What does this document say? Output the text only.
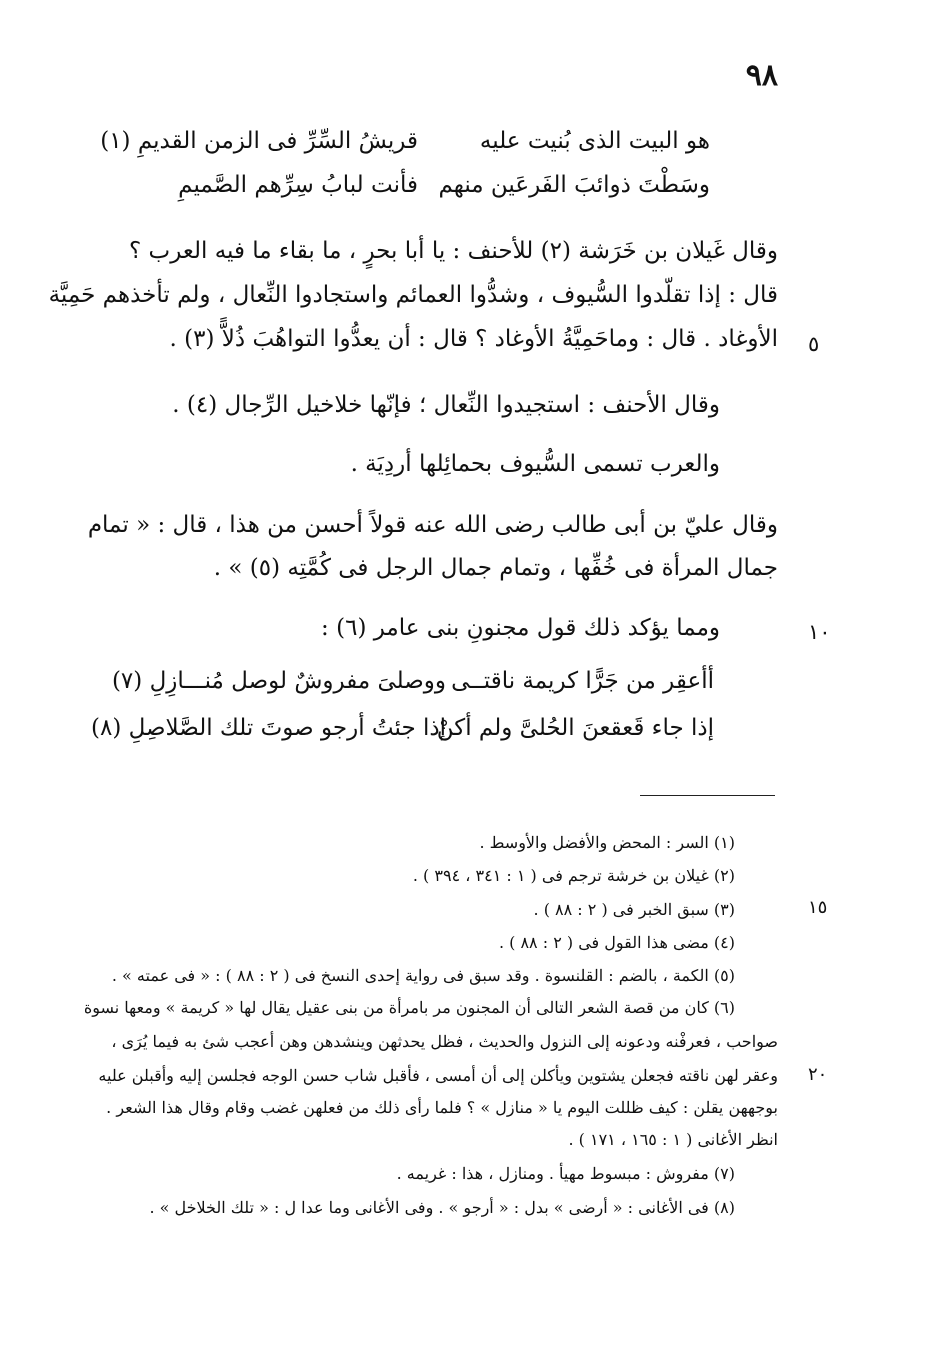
٩٨
هو البيت الذى بُنيت عليه
قريشُ السِّرِّ فى الزمن القديمِ (١)
وسَطْتَ ذوائبَ الفَرعَين منهم
فأنت لبابُ سِرِّهم الصَّميمِ
وقال غَيلان بن خَرَشة (٢) للأحنف : يا أبا بحرٍ ، ما بقاء ما فيه العرب ؟
قال : إذا تقلّدوا السُّيوف ، وشدُّوا العمائم واستجادوا النِّعال ، ولم تأخذهم حَمِيَّة
الأوغاد . قال : وماحَمِيَّةُ الأوغاد ؟ قال : أن يعدُّوا التواهُبَ ذُلاًّ (٣) . ٥
وقال الأحنف : استجيدوا النِّعال ؛ فإنّها خلاخيل الرِّجال (٤) .
والعرب تسمى السُّيوف بحمائِلها أردِيَة .
وقال عليّ بن أبى طالب رضى الله عنه قولاً أحسن من هذا ، قال : « تمام
جمال المرأة فى خُفِّها ، وتمام جمال الرجل فى كُمَّتِه (٥) » .
ومما يؤكد ذلك قول مجنونِ بنى عامر (٦) :	١٠
أأعقِر من جَرًّا كريمة ناقتــى
ووصلىَ مفروشٌ لوصل مُنـــازِلِ (٧)
إذا جاء قَعقعنَ الحُلىَّ ولم أكنْ
إذا جئتُ أرجو صوتَ تلك الصَّلاصِلِ (٨)
(١) السر : المحض والأفضل والأوسط .
(٢) غيلان بن خرشة ترجم فى ( ١ : ٣٤١ ، ٣٩٤ ) .
(٣) سبق الخبر فى ( ٢ : ٨٨ ) .	١٥
(٤) مضى هذا القول فى ( ٢ : ٨٨ ) .
(٥) الكمة ، بالضم : القلنسوة . وقد سبق فى رواية إحدى النسخ فى ( ٢ : ٨٨ ) : « فى عمته » .
(٦) كان من قصة الشعر التالى أن المجنون مر بامرأة من بنى عقيل يقال لها « كريمة » ومعها نسوة
صواحب ، فعرفْنه ودعونه إلى النزول والحديث ، فظل يحدثهن وينشدهن وهن أعجب شئ به فيما يُرَى ،
وعقر لهن ناقته فجعلن يشتوين ويأكلن إلى أن أمسى ، فأقبل شاب حسن الوجه فجلسن إليه وأقبلن عليه ٢٠
بوجههن يقلن : كيف ظللت اليوم يا « منازل » ؟ فلما رأى ذلك من فعلهن غضب وقام وقال هذا الشعر .
انظر الأغانى ( ١ : ١٦٥ ، ١٧١ ) .
(٧) مفروش : مبسوط مهيأ . ومنازل ، هذا : غريمه .
(٨) فى الأغانى : « أرضى » بدل : « أرجو » . وفى الأغانى وما عدا ل : « تلك الخلاخل » .
